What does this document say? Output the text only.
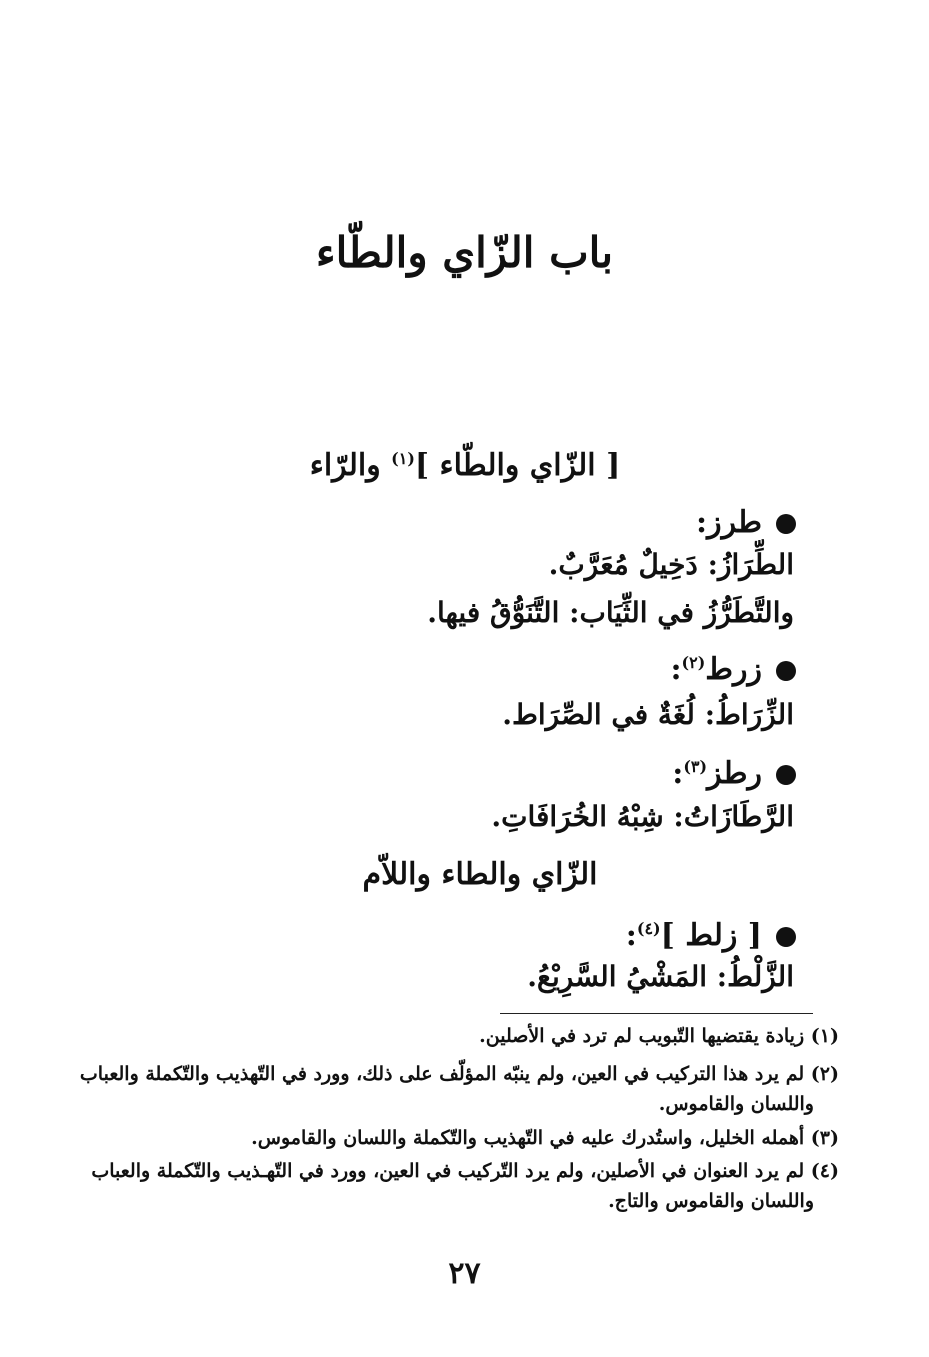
باب الزّاي والطّاء
[ الزّاي والطّاء ]$^{(١)}$ والرّاء
طرز:
الطِّرَازُ: دَخِيلٌ مُعَرَّبٌ.
والتَّطَرُّزُ في الثِّيَاب: التَّنَوُّقُ فيها.
زرط$^{(٢)}$:
الزِّرَاطُ: لُغَةٌ في الصِّرَاط.
رطز$^{(٣)}$:
الرَّطَازَاتُ: شِبْهُ الخُرَافَاتِ.
الزّاي والطاء واللاّم
[ زلط ]$^{(٤)}$:
الزَّلْطُ: المَشْيُ السَّرِيْعُ.
(١) زيادة يقتضيها التّبويب لم ترد في الأصلين.
(٢) لم يرد هذا التركيب في العين، ولم ينبّه المؤلّف على ذلك، وورد في التّهذيب والتّكملة والعباب
واللسان والقاموس.
(٣) أهمله الخليل، واستُدرك عليه في التّهذيب والتّكملة واللسان والقاموس.
(٤) لم يرد العنوان في الأصلين، ولم يرد التّركيب في العين، وورد في التّهـذيب والتّكملة والعباب
واللسان والقاموس والتاج.
٢٧
